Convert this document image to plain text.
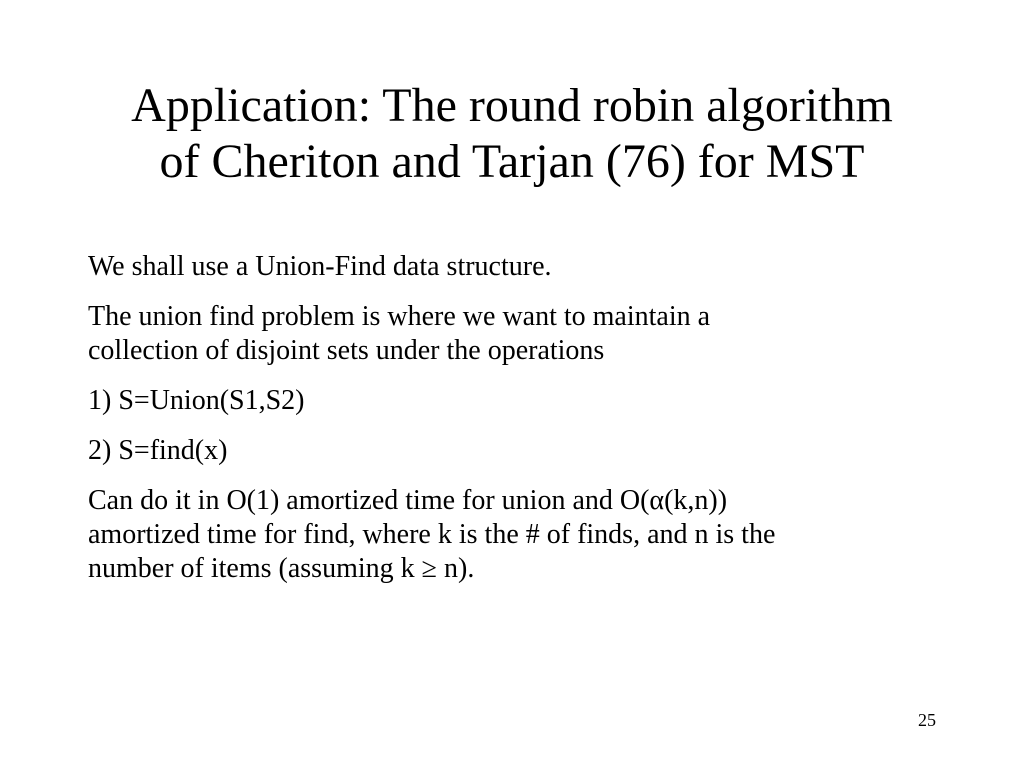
Application: The round robin algorithm
of Cheriton and Tarjan (76) for MST

We shall use a Union-Find data structure.

The union find problem is where we want to maintain a
collection of disjoint sets under the operations

1) S=Union(S1,S2)

2) S=find(x)

Can do it in O(1) amortized time for union and O(α(k,n))
amortized time for find, where k is the # of finds, and n is the
number of items (assuming k ≥ n).

25
